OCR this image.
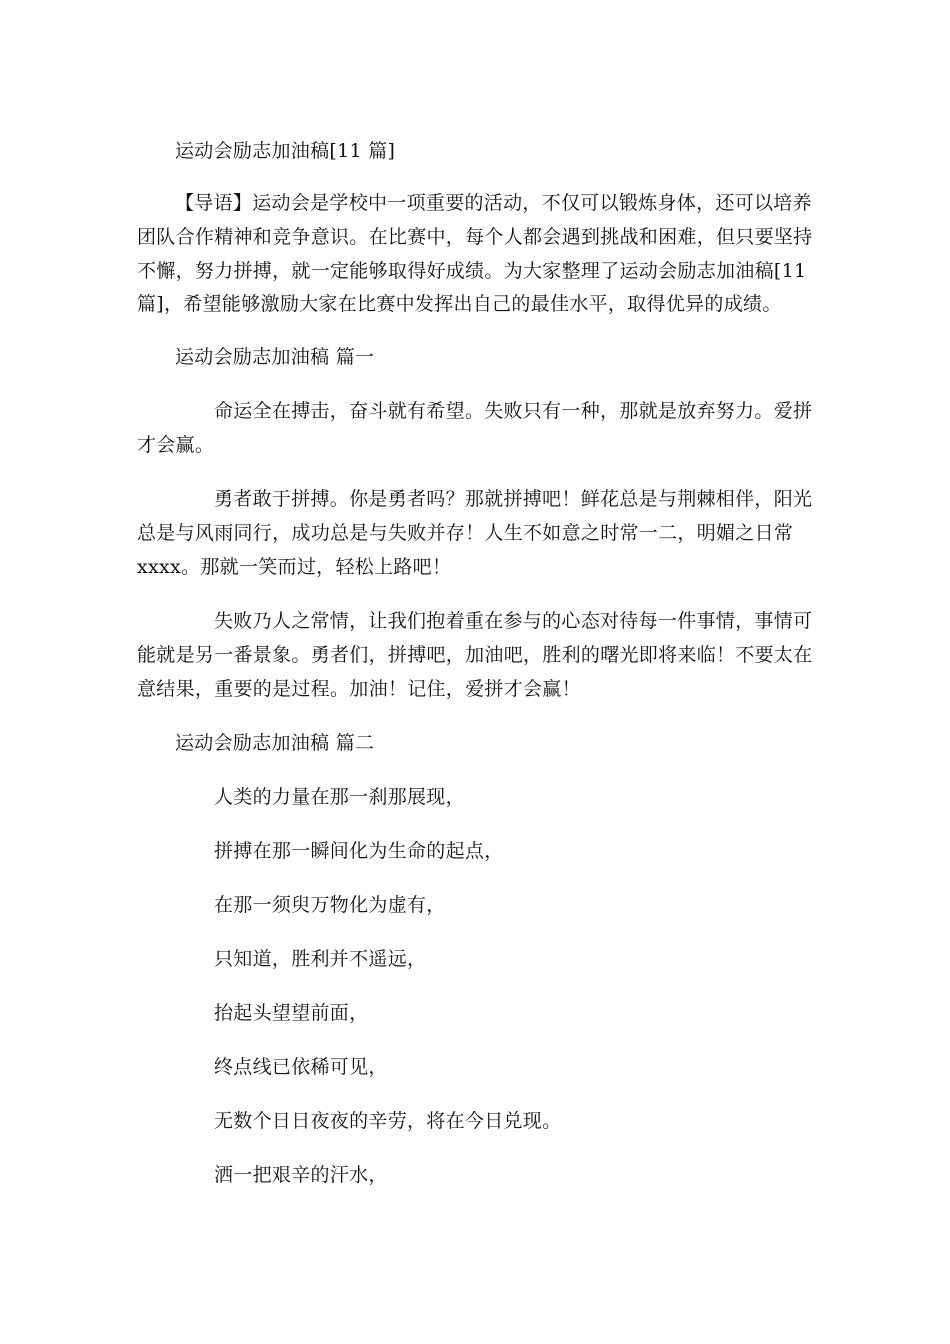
运动会励志加油稿[11 篇]
【导语】运动会是学校中一项重要的活动，不仅可以锻炼身体，还可以培养
团队合作精神和竞争意识。在比赛中，每个人都会遇到挑战和困难，但只要坚持
不懈，努力拼搏，就一定能够取得好成绩。为大家整理了运动会励志加油稿[11
篇]，希望能够激励大家在比赛中发挥出自己的最佳水平，取得优异的成绩。
运动会励志加油稿 篇一
命运全在搏击，奋斗就有希望。失败只有一种，那就是放弃努力。爱拼
才会赢。
勇者敢于拼搏。你是勇者吗？那就拼搏吧！鲜花总是与荆棘相伴，阳光
总是与风雨同行，成功总是与失败并存！人生不如意之时常一二，明媚之日常
xxxx。那就一笑而过，轻松上路吧！
失败乃人之常情，让我们抱着重在参与的心态对待每一件事情，事情可
能就是另一番景象。勇者们，拼搏吧，加油吧，胜利的曙光即将来临！不要太在
意结果，重要的是过程。加油！记住，爱拼才会赢！
运动会励志加油稿 篇二
人类的力量在那一刹那展现，
拼搏在那一瞬间化为生命的起点，
在那一须臾万物化为虚有，
只知道，胜利并不遥远，
抬起头望望前面，
终点线已依稀可见，
无数个日日夜夜的辛劳，将在今日兑现。
洒一把艰辛的汗水，
